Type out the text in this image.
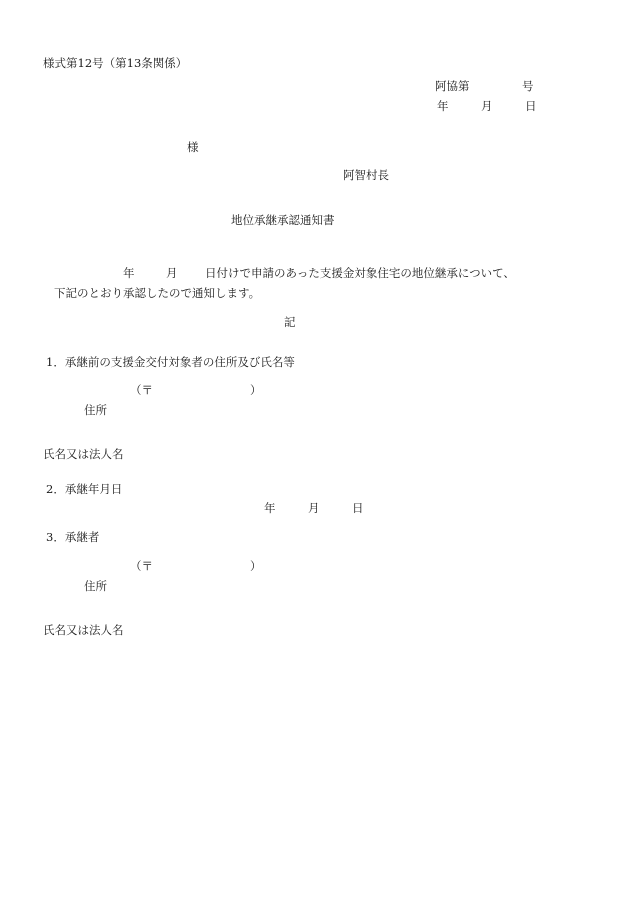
様式第12号（第13条関係）
阿協第	号
年	月	日
様
阿智村長
地位承継承認通知書
年	月 日付けで申請のあった支援金対象住宅の地位継承について、
下記のとおり承認したので通知します。
記
1．承継前の支援金交付対象者の住所及び氏名等
（〒	）
住所
氏名又は法人名
2．承継年月日
年	月	日
3．承継者
（〒	）
住所
氏名又は法人名
